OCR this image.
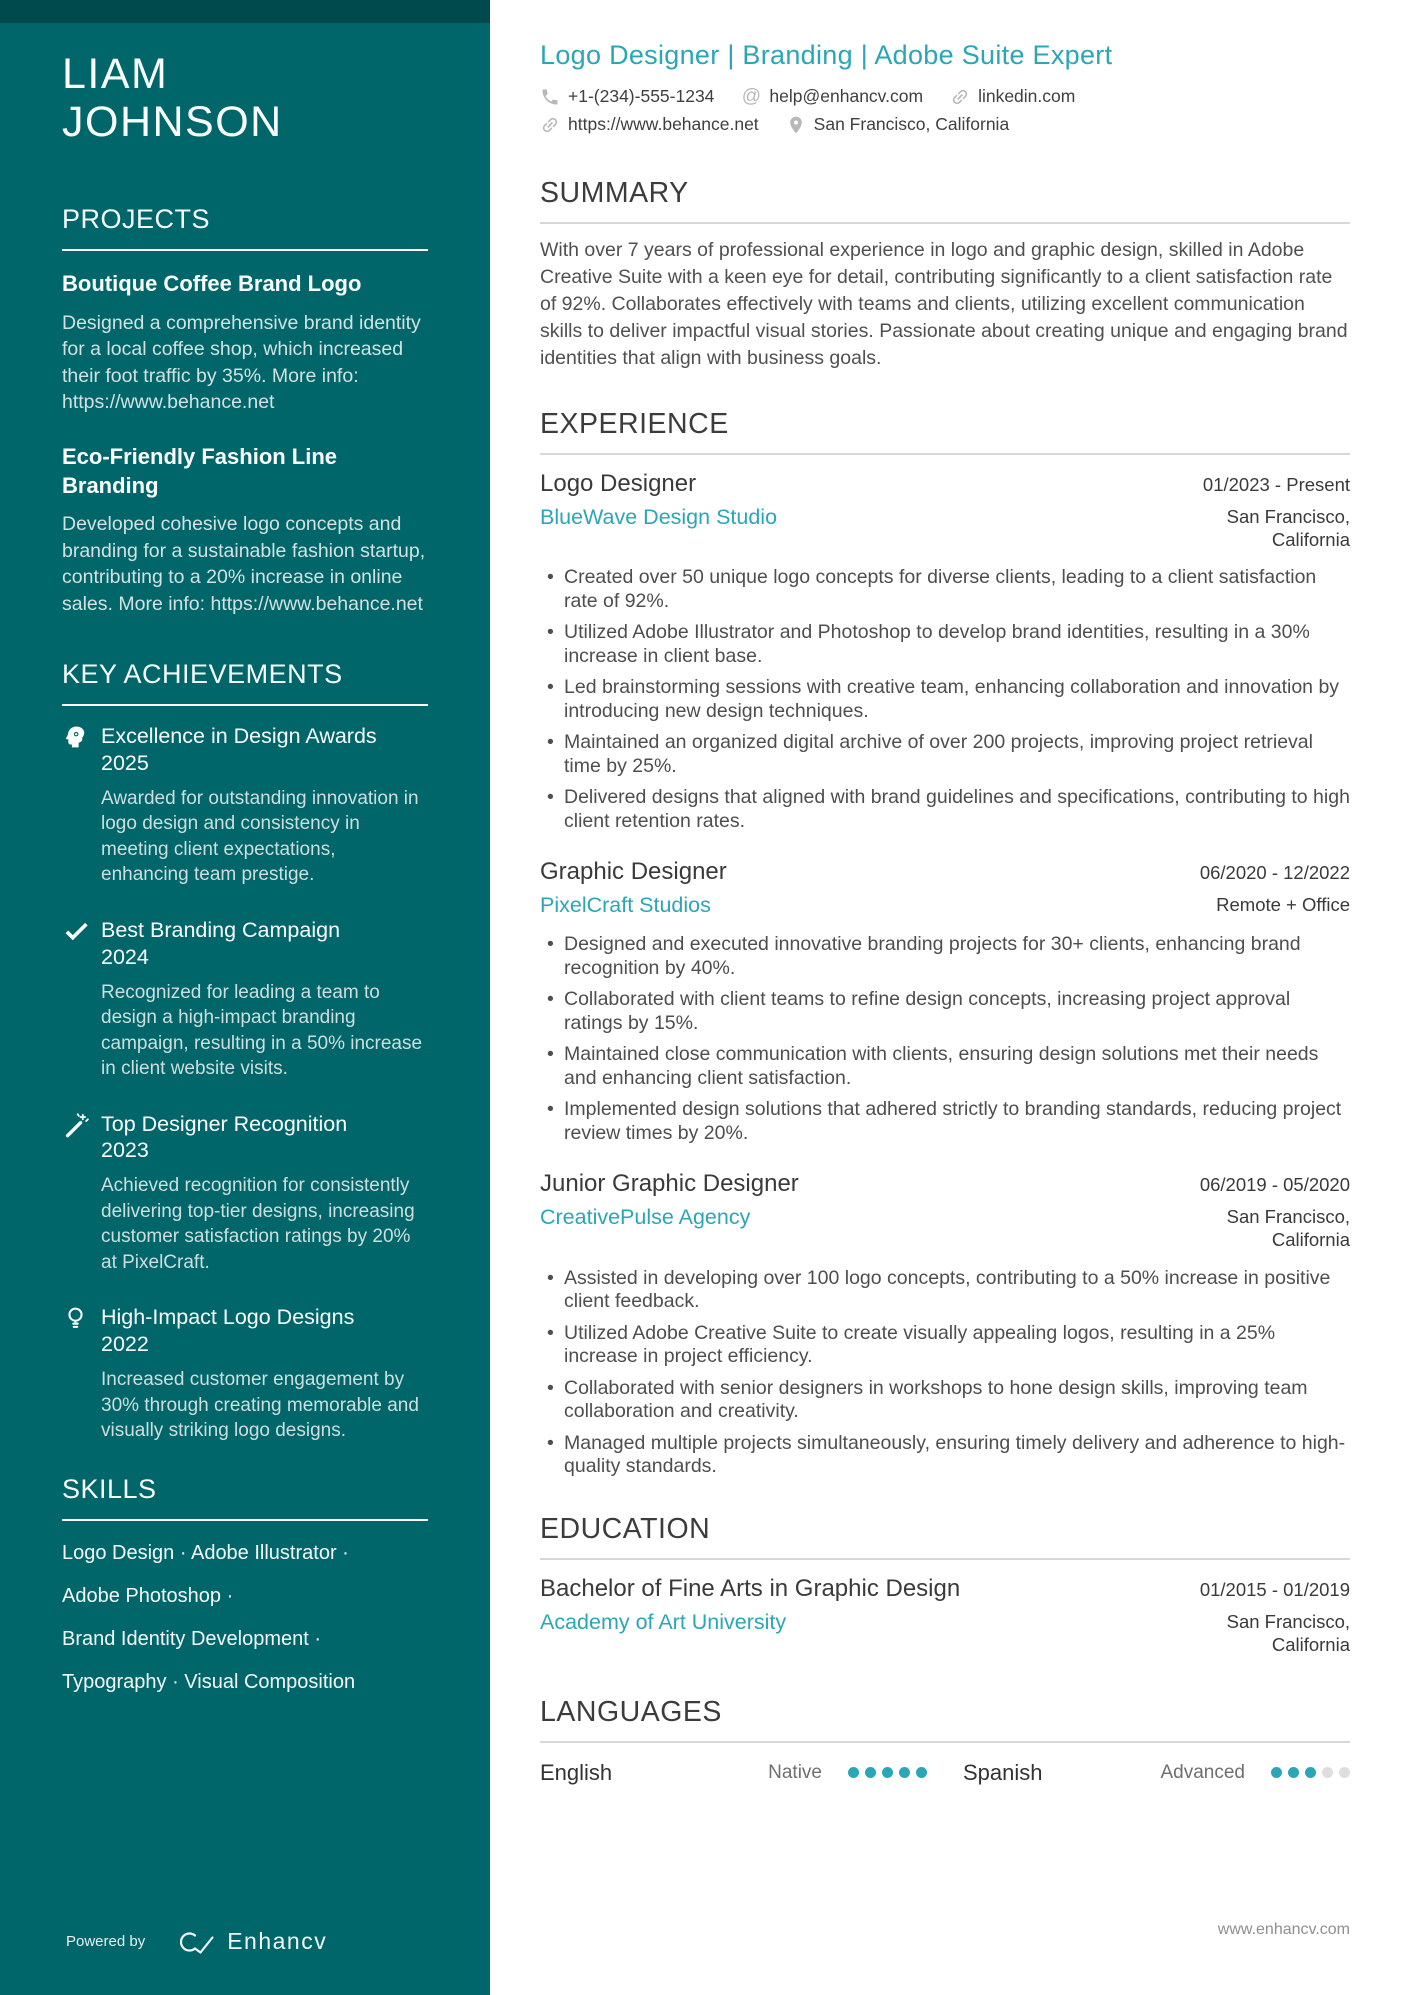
LIAM
JOHNSON
PROJECTS
Boutique Coffee Brand Logo
Designed a comprehensive brand identity for a local coffee shop, which increased their foot traffic by 35%. More info: https://www.behance.net
Eco-Friendly Fashion Line Branding
Developed cohesive logo concepts and branding for a sustainable fashion startup, contributing to a 20% increase in online sales. More info: https://www.behance.net
KEY ACHIEVEMENTS
Excellence in Design Awards
2025
Awarded for outstanding innovation in logo design and consistency in meeting client expectations, enhancing team prestige.
Best Branding Campaign
2024
Recognized for leading a team to design a high-impact branding campaign, resulting in a 50% increase in client website visits.
Top Designer Recognition
2023
Achieved recognition for consistently delivering top-tier designs, increasing customer satisfaction ratings by 20% at PixelCraft.
High-Impact Logo Designs
2022
Increased customer engagement by 30% through creating memorable and visually striking logo designs.
SKILLS
Logo Design · Adobe Illustrator ·
Adobe Photoshop ·
Brand Identity Development ·
Typography · Visual Composition
Powered by	Enhancv
Logo Designer | Branding | Adobe Suite Expert
+1-(234)-555-1234 @ help@enhancv.com	linkedin.com
https://www.behance.net	San Francisco, California
SUMMARY
With over 7 years of professional experience in logo and graphic design, skilled in Adobe Creative Suite with a keen eye for detail, contributing significantly to a client satisfaction rate of 92%. Collaborates effectively with teams and clients, utilizing excellent communication skills to deliver impactful visual stories. Passionate about creating unique and engaging brand identities that align with business goals.
EXPERIENCE
Logo Designer	01/2023 - Present
BlueWave Design Studio	San Francisco, California
• Created over 50 unique logo concepts for diverse clients, leading to a client satisfaction rate of 92%.
• Utilized Adobe Illustrator and Photoshop to develop brand identities, resulting in a 30% increase in client base.
• Led brainstorming sessions with creative team, enhancing collaboration and innovation by introducing new design techniques.
• Maintained an organized digital archive of over 200 projects, improving project retrieval time by 25%.
• Delivered designs that aligned with brand guidelines and specifications, contributing to high client retention rates.
Graphic Designer	06/2020 - 12/2022
PixelCraft Studios	Remote + Office
• Designed and executed innovative branding projects for 30+ clients, enhancing brand recognition by 40%.
• Collaborated with client teams to refine design concepts, increasing project approval ratings by 15%.
• Maintained close communication with clients, ensuring design solutions met their needs and enhancing client satisfaction.
• Implemented design solutions that adhered strictly to branding standards, reducing project review times by 20%.
Junior Graphic Designer	06/2019 - 05/2020
CreativePulse Agency	San Francisco, California
• Assisted in developing over 100 logo concepts, contributing to a 50% increase in positive client feedback.
• Utilized Adobe Creative Suite to create visually appealing logos, resulting in a 25% increase in project efficiency.
• Collaborated with senior designers in workshops to hone design skills, improving team collaboration and creativity.
• Managed multiple projects simultaneously, ensuring timely delivery and adherence to high-quality standards.
EDUCATION
Bachelor of Fine Arts in Graphic Design	01/2015 - 01/2019
Academy of Art University	San Francisco, California
LANGUAGES
English	Native	Spanish	Advanced
www.enhancv.com
